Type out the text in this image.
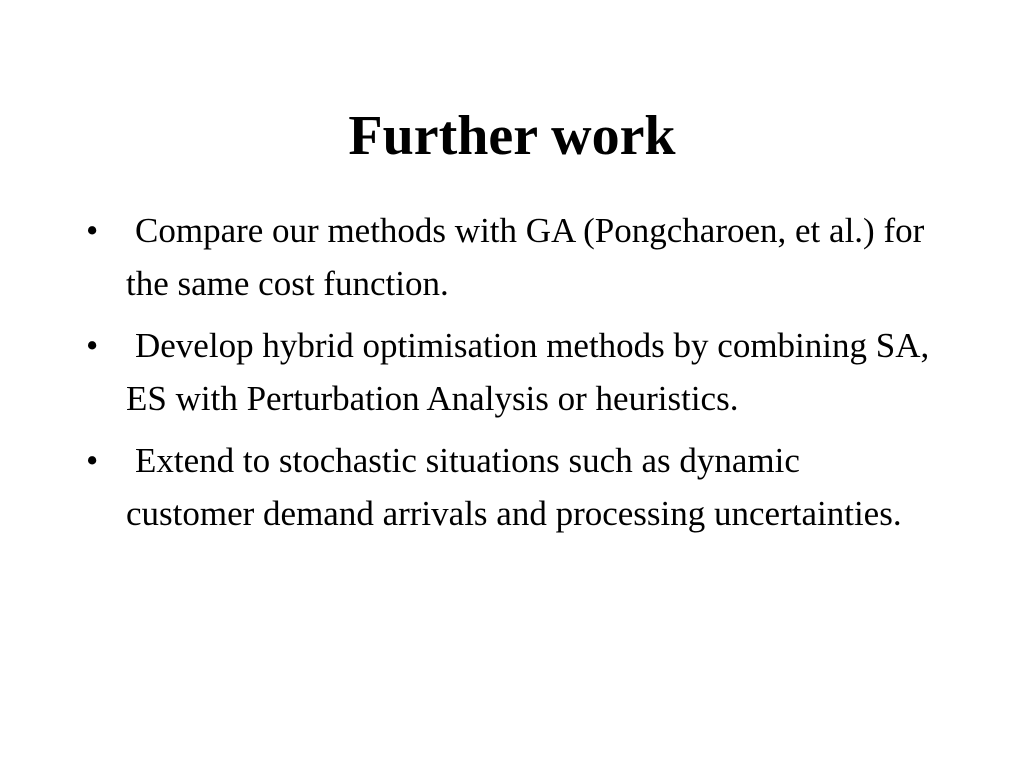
Further work
•	Compare our methods with GA (Pongcharoen, et al.) for the same cost function.
•	Develop hybrid optimisation methods by combining SA, ES with Perturbation Analysis or heuristics.
•	Extend to stochastic situations such as dynamic customer demand arrivals and processing uncertainties.
